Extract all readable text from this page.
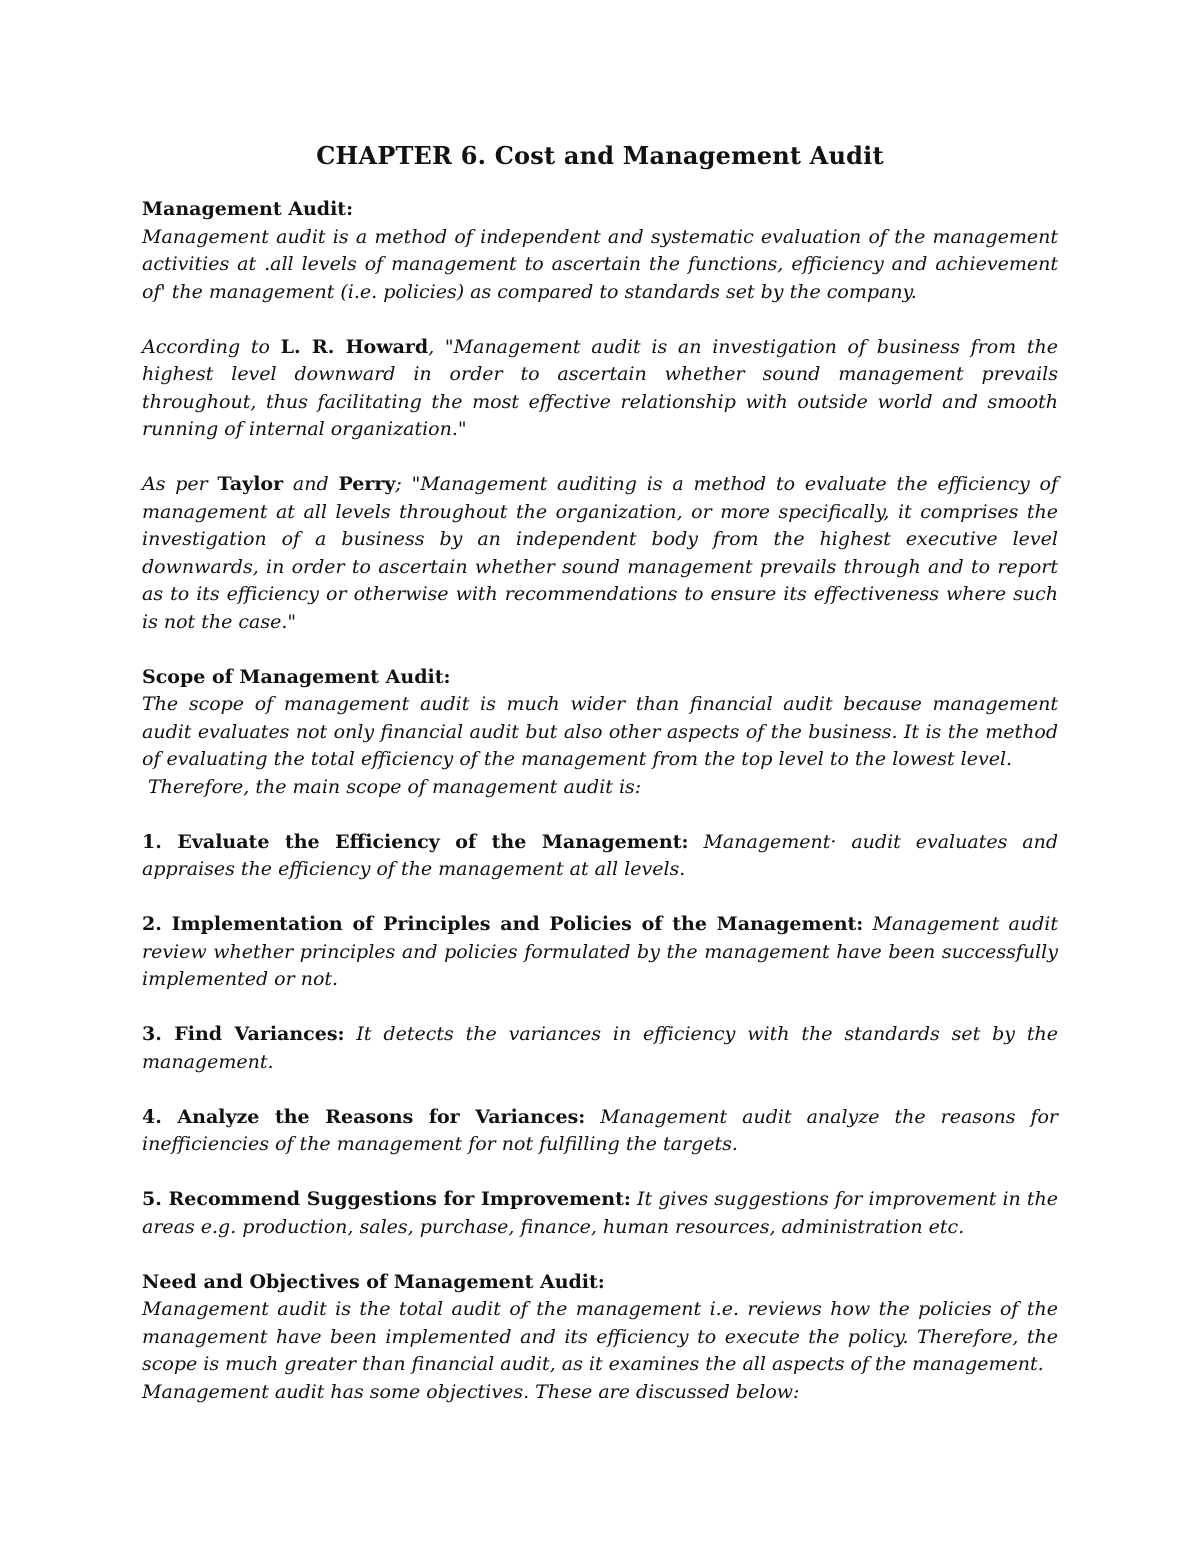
CHAPTER 6. Cost and Management Audit

Management Audit:

Management audit is a method of independent and systematic evaluation of the management activities at .all levels of management to ascertain the functions, efficiency and achievement of' the management (i.e. policies) as compared to standards set by the company.

According to L. R. Howard, "Management audit is an investigation of business from the highest level downward in order to ascertain whether sound management prevails throughout, thus facilitating the most effective relationship with outside world and smooth running of internal organization."

As per Taylor and Perry; "Management auditing is a method to evaluate the efficiency of management at all levels throughout the organization, or more specifically, it comprises the investigation of a business by an independent body from the highest executive level downwards, in order to ascertain whether sound management prevails through and to report as to its efficiency or otherwise with recommendations to ensure its effectiveness where such is not the case."

Scope of Management Audit:

The scope of management audit is much wider than financial audit because management audit evaluates not only financial audit but also other aspects of the business. It is the method of evaluating the total efficiency of the management from the top level to the lowest level.

Therefore, the main scope of management audit is:

1. Evaluate the Efficiency of the Management: Management· audit evaluates and appraises the efficiency of the management at all levels.

2. Implementation of Principles and Policies of the Management: Management audit review whether principles and policies formulated by the management have been successfully implemented or not.

3. Find Variances: It detects the variances in efficiency with the standards set by the management.

4. Analyze the Reasons for Variances: Management audit analyze the reasons for inefficiencies of the management for not fulfilling the targets.

5. Recommend Suggestions for Improvement: It gives suggestions for improvement in the areas e.g. production, sales, purchase, finance, human resources, administration etc.

Need and Objectives of Management Audit:

Management audit is the total audit of the management i.e. reviews how the policies of the management have been implemented and its efficiency to execute the policy. Therefore, the scope is much greater than financial audit, as it examines the all aspects of the management.

Management audit has some objectives. These are discussed below:
